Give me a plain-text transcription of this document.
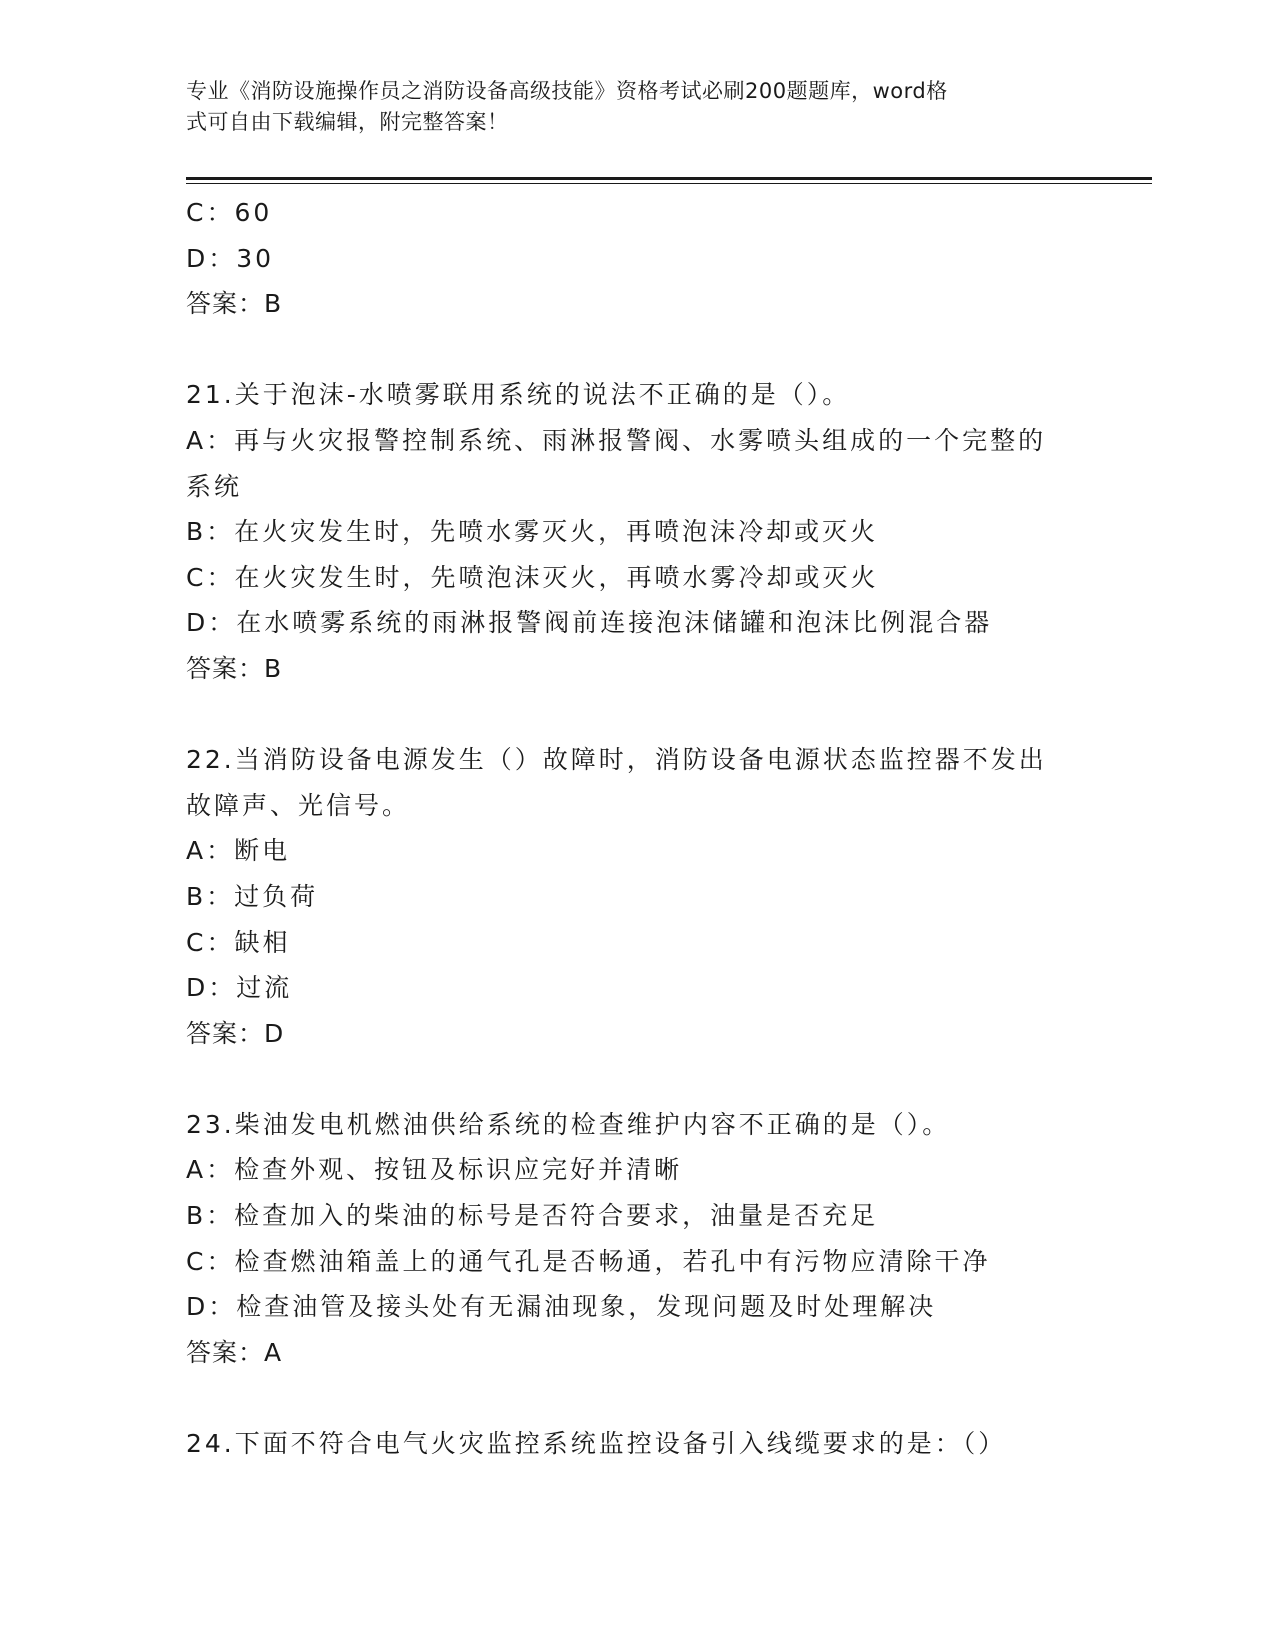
专业《消防设施操作员之消防设备高级技能》资格考试必刷200题题库，word格
式可自由下载编辑，附完整答案！
C：60
D：30
答案：B
21.关于泡沫-水喷雾联用系统的说法不正确的是（）。
A：再与火灾报警控制系统、雨淋报警阀、水雾喷头组成的一个完整的
系统
B：在火灾发生时，先喷水雾灭火，再喷泡沫冷却或灭火
C：在火灾发生时，先喷泡沫灭火，再喷水雾冷却或灭火
D：在水喷雾系统的雨淋报警阀前连接泡沫储罐和泡沫比例混合器
答案：B
22.当消防设备电源发生（）故障时，消防设备电源状态监控器不发出
故障声、光信号。
A：断电
B：过负荷
C：缺相
D：过流
答案：D
23.柴油发电机燃油供给系统的检查维护内容不正确的是（）。
A：检查外观、按钮及标识应完好并清晰
B：检查加入的柴油的标号是否符合要求，油量是否充足
C：检查燃油箱盖上的通气孔是否畅通，若孔中有污物应清除干净
D：检查油管及接头处有无漏油现象，发现问题及时处理解决
答案：A
24.下面不符合电气火灾监控系统监控设备引入线缆要求的是：（）
